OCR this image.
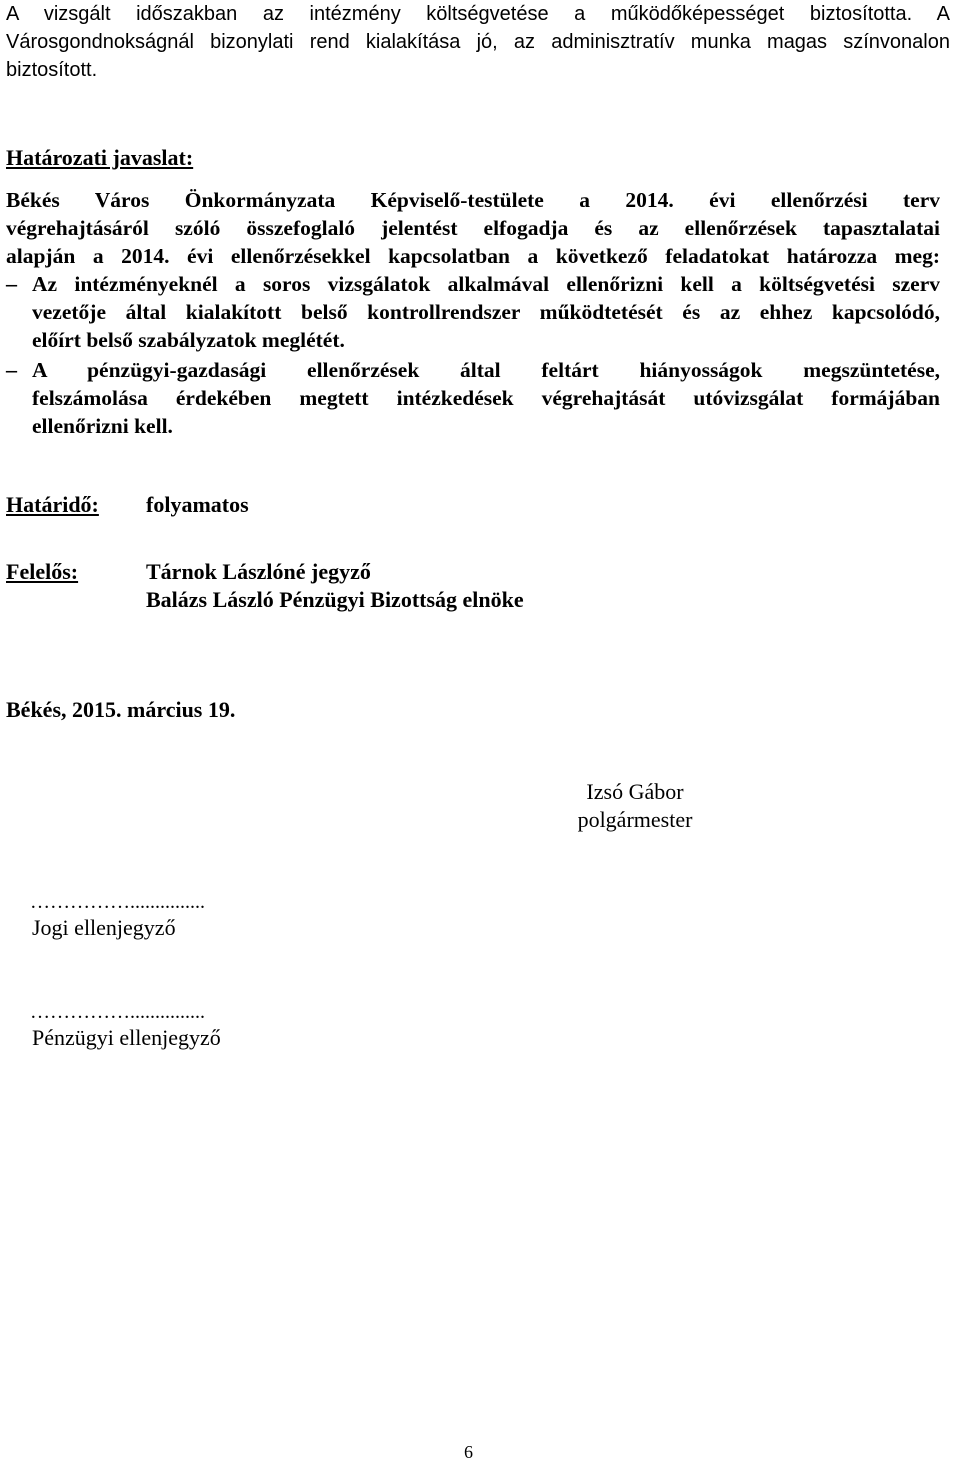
A vizsgált időszakban az intézmény költségvetése a működőképességet biztosította. A
Városgondnokságnál bizonylati rend kialakítása jó, az adminisztratív munka magas színvonalon
biztosított.
Határozati javaslat:
Békés Város Önkormányzata Képviselő-testülete a 2014. évi ellenőrzési terv
végrehajtásáról szóló összefoglaló jelentést elfogadja és az ellenőrzések tapasztalatai
alapján a 2014. évi ellenőrzésekkel kapcsolatban a következő feladatokat határozza meg:
– Az intézményeknél a soros vizsgálatok alkalmával ellenőrizni kell a költségvetési szerv
vezetője által kialakított belső kontrollrendszer működtetését és az ehhez kapcsolódó,
előírt belső szabályzatok meglétét.
– A pénzügyi-gazdasági ellenőrzések által feltárt hiányosságok megszüntetése,
felszámolása érdekében megtett intézkedések végrehajtását utóvizsgálat formájában
ellenőrizni kell.
Határidő: folyamatos
Felelős:	Tárnok Lászlóné jegyző
Balázs László Pénzügyi Bizottság elnöke
Békés, 2015. március 19.
Izsó Gábor
polgármester
……………...............
Jogi ellenjegyző
……………...............
Pénzügyi ellenjegyző
6
